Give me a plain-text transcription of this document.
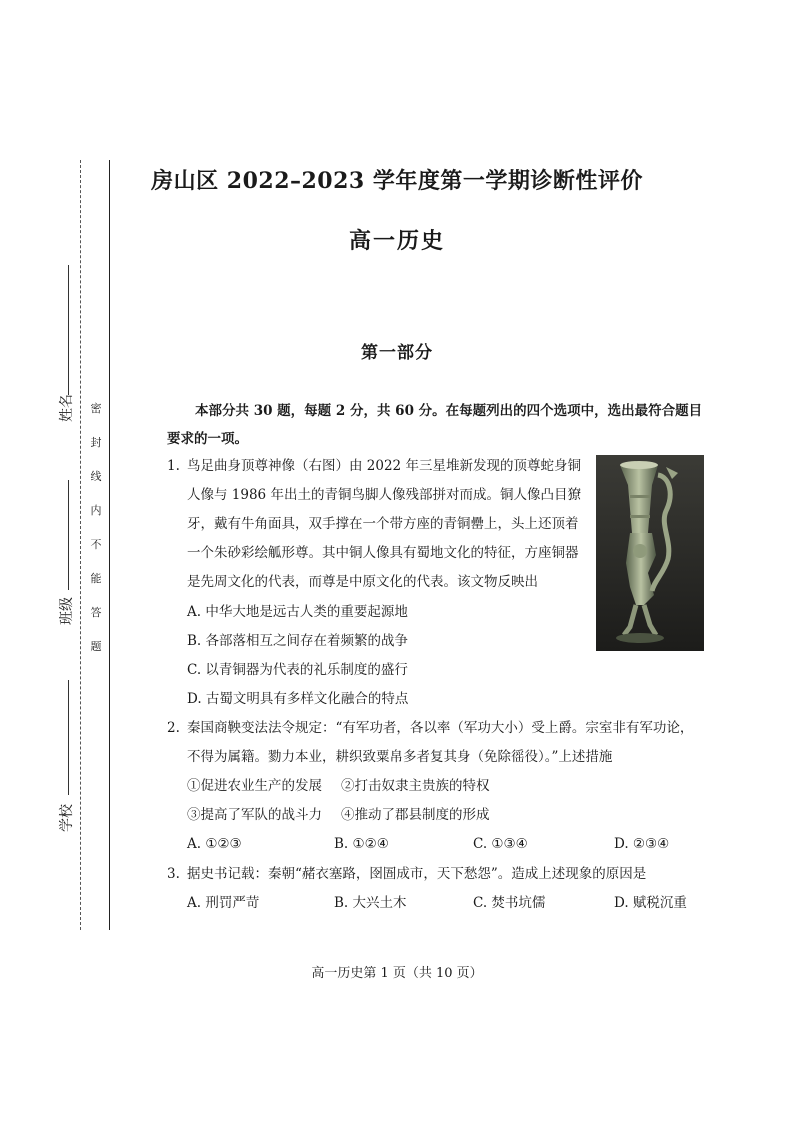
密
封
线
内
不
能
答
题
姓名
班级
学校
房山区 2022–2023 学年度第一学期诊断性评价
高一历史
第一部分
本部分共 30 题，每题 2 分，共 60 分。在每题列出的四个选项中，选出最符合题目要求的一项。
1. 鸟足曲身顶尊神像（右图）由 2022 年三星堆新发现的顶尊蛇身铜
人像与 1986 年出土的青铜鸟脚人像残部拼对而成。铜人像凸目獠
牙，戴有牛角面具，双手撑在一个带方座的青铜罍上，头上还顶着
一个朱砂彩绘觚形尊。其中铜人像具有蜀地文化的特征，方座铜器
是先周文化的代表，而尊是中原文化的代表。该文物反映出
A. 中华大地是远古人类的重要起源地
B. 各部落相互之间存在着频繁的战争
C. 以青铜器为代表的礼乐制度的盛行
D. 古蜀文明具有多样文化融合的特点
2. 秦国商鞅变法法令规定：“有军功者，各以率（军功大小）受上爵。宗室非有军功论，
不得为属籍。勠力本业，耕织致粟帛多者复其身（免除徭役）。”上述措施
①促进农业生产的发展 ②打击奴隶主贵族的特权
③提高了军队的战斗力 ④推动了郡县制度的形成
A. ①②③	B. ①②④	C. ①③④	D. ②③④
3. 据史书记载：秦朝“赭衣塞路，囹圄成市，天下愁怨”。造成上述现象的原因是
A. 刑罚严苛	B. 大兴土木	C. 焚书坑儒	D. 赋税沉重
高一历史第 1 页（共 10 页）
